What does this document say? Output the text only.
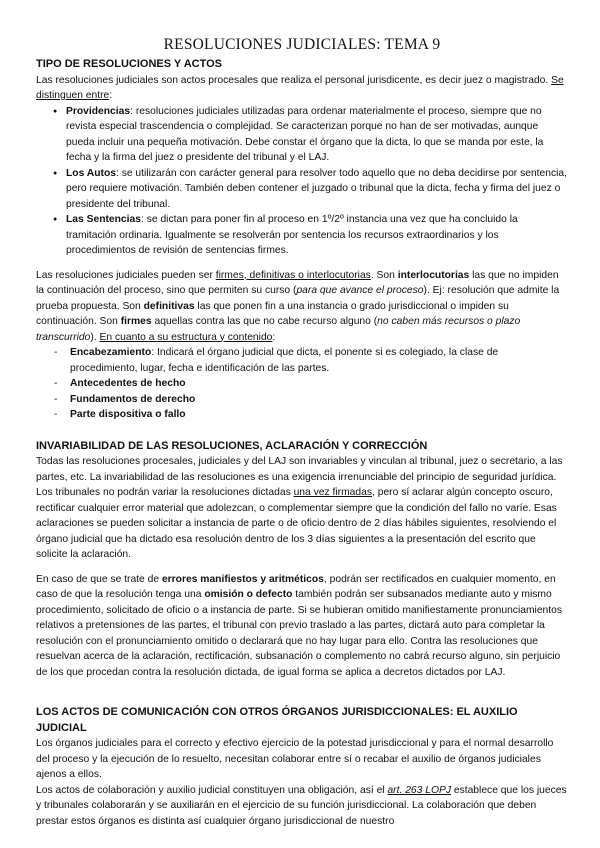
RESOLUCIONES JUDICIALES: TEMA 9
TIPO DE RESOLUCIONES Y ACTOS

Las resoluciones judiciales son actos procesales que realiza el personal jurisdicente, es decir juez o magistrado. Se distinguen entre:

● Providencias: resoluciones judiciales utilizadas para ordenar materialmente el proceso, siempre que no revista especial trascendencia o complejidad. Se caracterizan porque no han de ser motivadas, aunque pueda incluir una pequeña motivación. Debe constar el órgano que la dicta, lo que se manda por este, la fecha y la firma del juez o presidente del tribunal y el LAJ.
● Los Autos: se utilizarán con carácter general para resolver todo aquello que no deba decidirse por sentencia, pero requiere motivación. También deben contener el juzgado o tribunal que la dicta, fecha y firma del juez o presidente del tribunal.
● Las Sentencias: se dictan para poner fin al proceso en 1º/2º instancia una vez que ha concluido la tramitación ordinaria. Igualmente se resolverán por sentencia los recursos extraordinarios y los procedimientos de revisión de sentencias firmes.

Las resoluciones judiciales pueden ser firmes, definitivas o interlocutorias. Son interlocutorias las que no impiden la continuación del proceso, sino que permiten su curso (para que avance el proceso). Ej: resolución que admite la prueba propuesta. Son definitivas las que ponen fin a una instancia o grado jurisdiccional o impiden su continuación. Son firmes aquellas contra las que no cabe recurso alguno (no caben más recursos o plazo transcurrido). En cuanto a su estructura y contenido:

- Encabezamiento: Indicará el órgano judicial que dicta, el ponente si es colegiado, la clase de procedimiento, lugar, fecha e identificación de las partes.
- Antecedentes de hecho
- Fundamentos de derecho
- Parte dispositiva o fallo
INVARIABILIDAD DE LAS RESOLUCIONES, ACLARACIÓN Y CORRECCIÓN

Todas las resoluciones procesales, judiciales y del LAJ son invariables y vinculan al tribunal, juez o secretario, a las partes, etc. La invariabilidad de las resoluciones es una exigencia irrenunciable del principio de seguridad jurídica. Los tribunales no podrán variar la resoluciones dictadas una vez firmadas, pero sí aclarar algún concepto oscuro, rectificar cualquier error material que adolezcan, o complementar siempre que la condición del fallo no varíe. Esas aclaraciones se pueden solicitar a instancia de parte o de oficio dentro de 2 días hábiles siguientes, resolviendo el órgano judicial que ha dictado esa resolución dentro de los 3 días siguientes a la presentación del escrito que solicite la aclaración.

En caso de que se trate de errores manifiestos y aritméticos, podrán ser rectificados en cualquier momento, en caso de que la resolución tenga una omisión o defecto también podrán ser subsanados mediante auto y mismo procedimiento, solicitado de oficio o a instancia de parte. Si se hubieran omitido manifiestamente pronunciamientos relativos a pretensiones de las partes, el tribunal con previo traslado a las partes, dictará auto para completar la resolución con el pronunciamiento omitido o declarará que no hay lugar para ello. Contra las resoluciones que resuelvan acerca de la aclaración, rectificación, subsanación o complemento no cabrá recurso alguno, sin perjuicio de los que procedan contra la resolución dictada, de igual forma se aplica a decretos dictados por LAJ.

LOS ACTOS DE COMUNICACIÓN CON OTROS ÓRGANOS JURISDICCIONALES: EL AUXILIO JUDICIAL

Los órganos judiciales para el correcto y efectivo ejercicio de la potestad jurisdiccional y para el normal desarrollo del proceso y la ejecución de lo resuelto, necesitan colaborar entre sí o recabar el auxilio de órganos judiciales ajenos a ellos.

Los actos de colaboración y auxilio judicial constituyen una obligación, así el art. 263 LOPJ establece que los jueces y tribunales colaborarán y se auxiliarán en el ejercicio de su función jurisdiccional. La colaboración que deben prestar estos órganos es distinta así cualquier órgano jurisdiccional de nuestro
